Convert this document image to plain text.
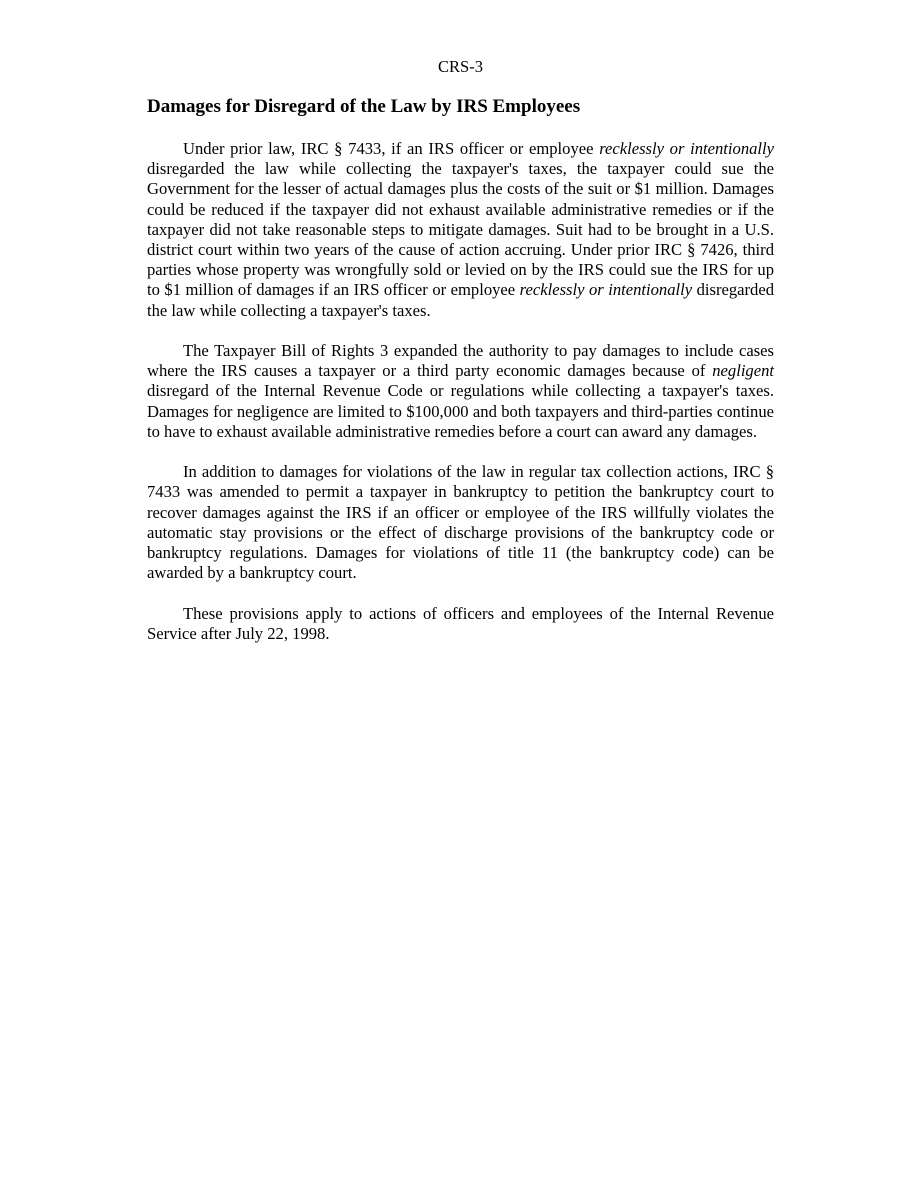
CRS-3
Damages for Disregard of the Law by IRS Employees

Under prior law, IRC § 7433, if an IRS officer or employee recklessly or intentionally disregarded the law while collecting the taxpayer's taxes, the taxpayer could sue the Government for the lesser of actual damages plus the costs of the suit or $1 million. Damages could be reduced if the taxpayer did not exhaust available administrative remedies or if the taxpayer did not take reasonable steps to mitigate damages. Suit had to be brought in a U.S. district court within two years of the cause of action accruing. Under prior IRC § 7426, third parties whose property was wrongfully sold or levied on by the IRS could sue the IRS for up to $1 million of damages if an IRS officer or employee recklessly or intentionally disregarded the law while collecting a taxpayer's taxes.

The Taxpayer Bill of Rights 3 expanded the authority to pay damages to include cases where the IRS causes a taxpayer or a third party economic damages because of negligent disregard of the Internal Revenue Code or regulations while collecting a taxpayer's taxes. Damages for negligence are limited to $100,000 and both taxpayers and third-parties continue to have to exhaust available administrative remedies before a court can award any damages.

In addition to damages for violations of the law in regular tax collection actions, IRC § 7433 was amended to permit a taxpayer in bankruptcy to petition the bankruptcy court to recover damages against the IRS if an officer or employee of the IRS willfully violates the automatic stay provisions or the effect of discharge provisions of the bankruptcy code or bankruptcy regulations. Damages for violations of title 11 (the bankruptcy code) can be awarded by a bankruptcy court.

These provisions apply to actions of officers and employees of the Internal Revenue Service after July 22, 1998.
